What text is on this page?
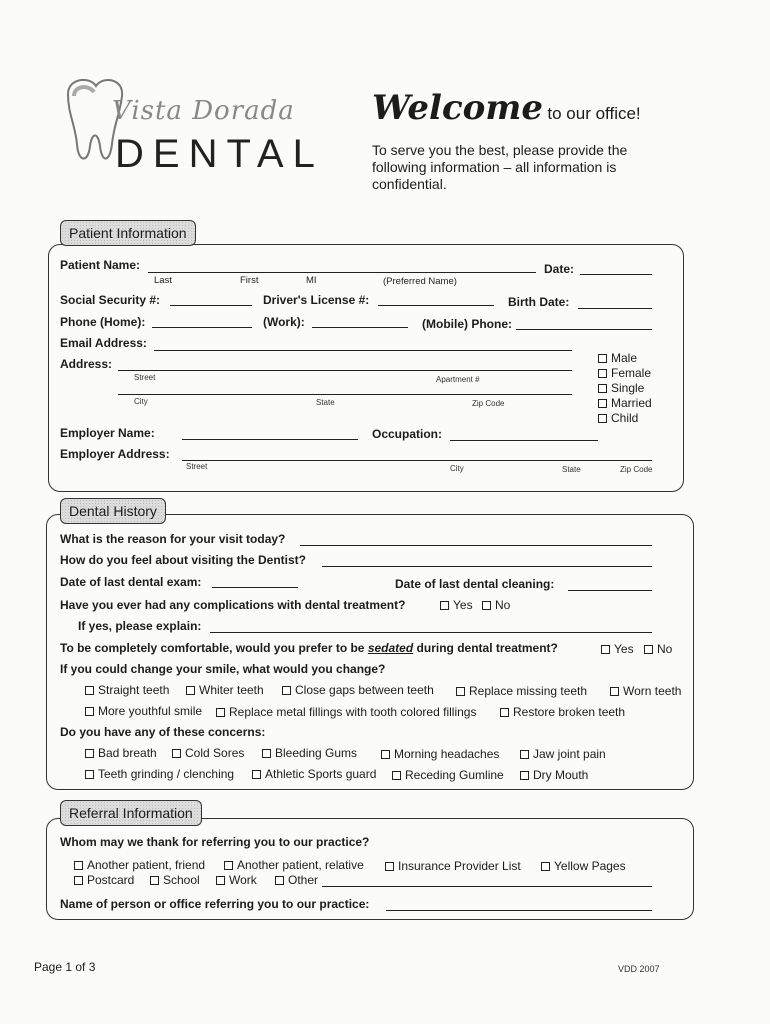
Vista Dorada
DENTAL
Welcome to our office!
To serve you the best, please provide the following information – all information is confidential.
Patient Information
Patient Name:
Last	First	MI	(Preferred Name)
Date:
Social Security #:	Driver's License #:	Birth Date:
Phone (Home):	(Work):	(Mobile) Phone:
Email Address:
Address:
Street	Apartment #
City	State	Zip Code
Male
Female
Single
Married
Child
Employer Name:	Occupation:
Employer Address:
Street	City	State	Zip Code
Dental History
What is the reason for your visit today?
How do you feel about visiting the Dentist?
Date of last dental exam:	Date of last dental cleaning:
Have you ever had any complications with dental treatment?	Yes	No
If yes, please explain:
To be completely comfortable, would you prefer to be sedated during dental treatment?	Yes	No
If you could change your smile, what would you change?
Straight teeth	Whiter teeth	Close gaps between teeth	Replace missing teeth	Worn teeth
More youthful smile	Replace metal fillings with tooth colored fillings	Restore broken teeth
Do you have any of these concerns:
Bad breath	Cold Sores	Bleeding Gums	Morning headaches	Jaw joint pain
Teeth grinding / clenching	Athletic Sports guard	Receding Gumline	Dry Mouth
Referral Information
Whom may we thank for referring you to our practice?
Another patient, friend	Another patient, relative	Insurance Provider List	Yellow Pages
Postcard	School	Work	Other
Name of person or office referring you to our practice:
Page 1 of 3	VDD 2007
